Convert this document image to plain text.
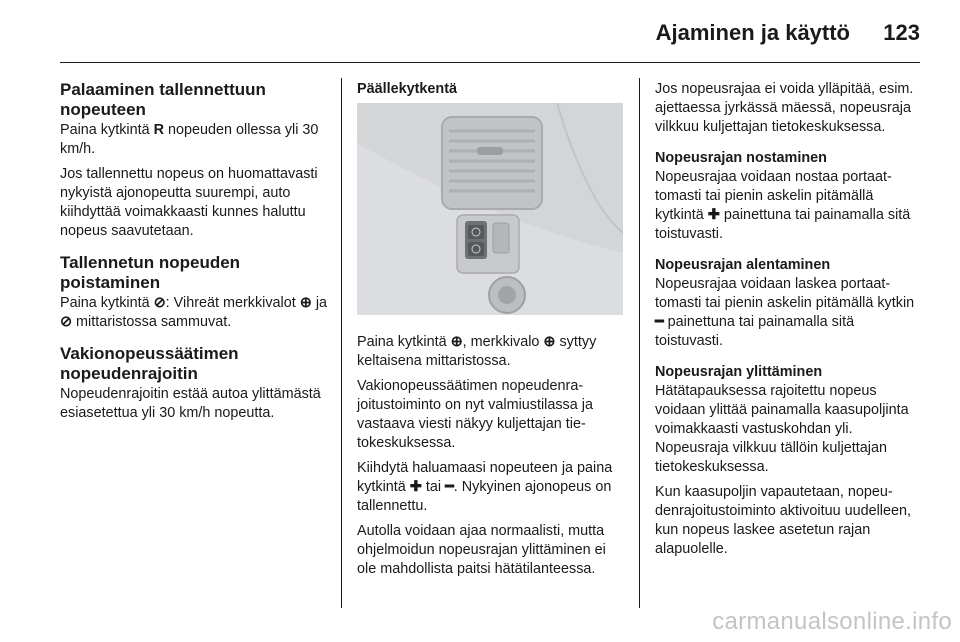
Ajaminen ja käyttö 123
Palaaminen tallennettuun nopeuteen

Paina kytkintä R nopeuden ollessa yli 30 km/h.

Jos tallennettu nopeus on huomattavasti nykyistä ajonopeutta suurempi, auto kiihdyttää voimakkaasti kunnes haluttu nopeus saavutetaan.

Tallennetun nopeuden poistaminen

Paina kytkintä ⊘: Vihreät merkkivalot ⊕ ja ⊘ mittaristossa sammuvat.

Vakionopeussäätimen nopeudenrajoitin

Nopeudenrajoitin estää autoa ylittämästä esiasetettua yli 30 km/h nopeutta.

Päällekytkentä

Paina kytkintä ⊕, merkkivalo ⊕ syttyy keltaisena mittaristossa.

Vakionopeussäätimen nopeudenrajoitustoiminto on nyt valmiustilassa ja vastaava viesti näkyy kuljettajan tietokeskuksessa.

Kiihdytä haluamaasi nopeuteen ja paina kytkintä ✚ tai ━. Nykyinen ajonopeus on tallennettu.

Autolla voidaan ajaa normaalisti, mutta ohjelmoidun nopeusrajan ylittäminen ei ole mahdollista paitsi hätätilanteessa.

Jos nopeusrajaa ei voida ylläpitää, esim. ajettaessa jyrkässä mäessä, nopeusraja vilkkuu kuljettajan tietokeskuksessa.

Nopeusrajan nostaminen

Nopeusrajaa voidaan nostaa portaattomasti tai pienin askelin pitämällä kytkintä ✚ painettuna tai painamalla sitä toistuvasti.

Nopeusrajan alentaminen

Nopeusrajaa voidaan laskea portaattomasti tai pienin askelin pitämällä kytkin ━ painettuna tai painamalla sitä toistuvasti.

Nopeusrajan ylittäminen

Hätätapauksessa rajoitettu nopeus voidaan ylittää painamalla kaasupoljinta voimakkaasti vastuskohdan yli. Nopeusraja vilkkuu tällöin kuljettajan tietokeskuksessa.

Kun kaasupoljin vapautetaan, nopeudenrajoitustoiminto aktivoituu uudelleen, kun nopeus laskee asetetun rajan alapuolelle.

carmanualsonline.info
